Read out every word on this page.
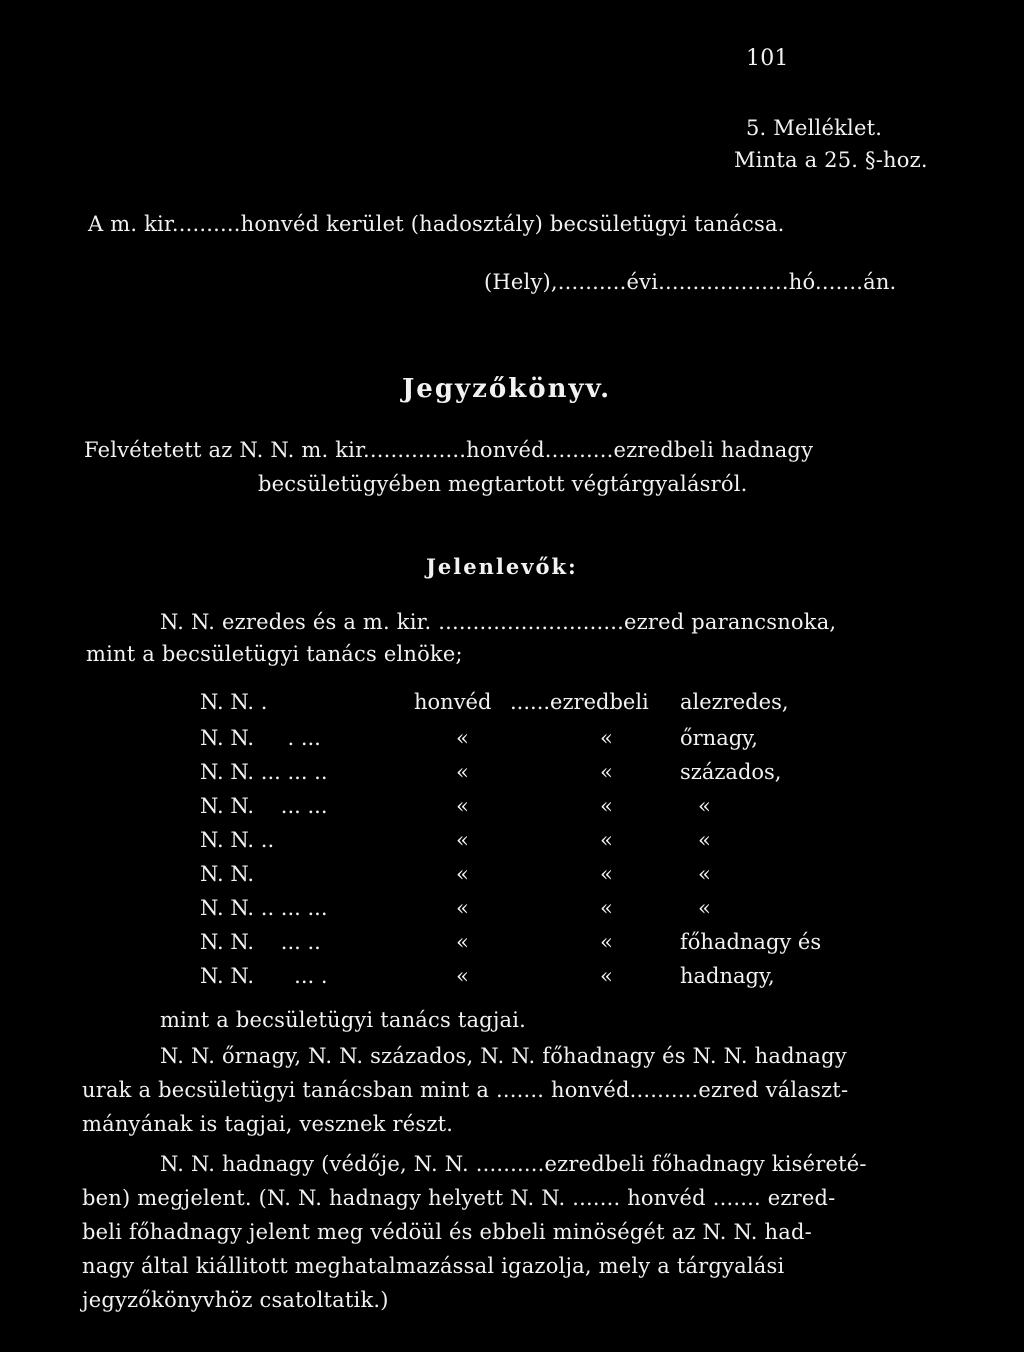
101
5. Melléklet.
Minta a 25. §-hoz.
A m. kir..........honvéd kerület (hadosztály) becsületügyi tanácsa.
(Hely),..........évi...................hó.......án.
Jegyzőkönyv.
Felvétetett az N. N. m. kir...............honvéd..........ezredbeli hadnagy
becsületügyében megtartott végtárgyalásról.
Jelenlevők:
N. N. ezredes és a m. kir. ...........................ezred parancsnoka,
mint a becsületügyi tanács elnöke;
N. N. .	honvéd ......ezredbeli alezredes,
N. N.     . ...	«	«	őrnagy,
N. N. ... ... ..	«	«	százados,
N. N.    ... ...	«	«	«
N. N. ..	«	«	«
N. N.	«	«	«
N. N. .. ... ...	«	«	«
N. N.    ... ..	«	«	főhadnagy és
N. N.      ... .	«	«	hadnagy,
mint a becsületügyi tanács tagjai.
N. N. őrnagy, N. N. százados, N. N. főhadnagy és N. N. hadnagy
urak a becsületügyi tanácsban mint a ....... honvéd..........ezred választ-
mányának is tagjai, vesznek részt.
N. N. hadnagy (védője, N. N. ..........ezredbeli főhadnagy kiséreté-
ben) megjelent. (N. N. hadnagy helyett N. N. ....... honvéd ....... ezred-
beli főhadnagy jelent meg védöül és ebbeli minöségét az N. N. had-
nagy által kiállitott meghatalmazással igazolja, mely a tárgyalási
jegyzőkönyvhöz csatoltatik.)
